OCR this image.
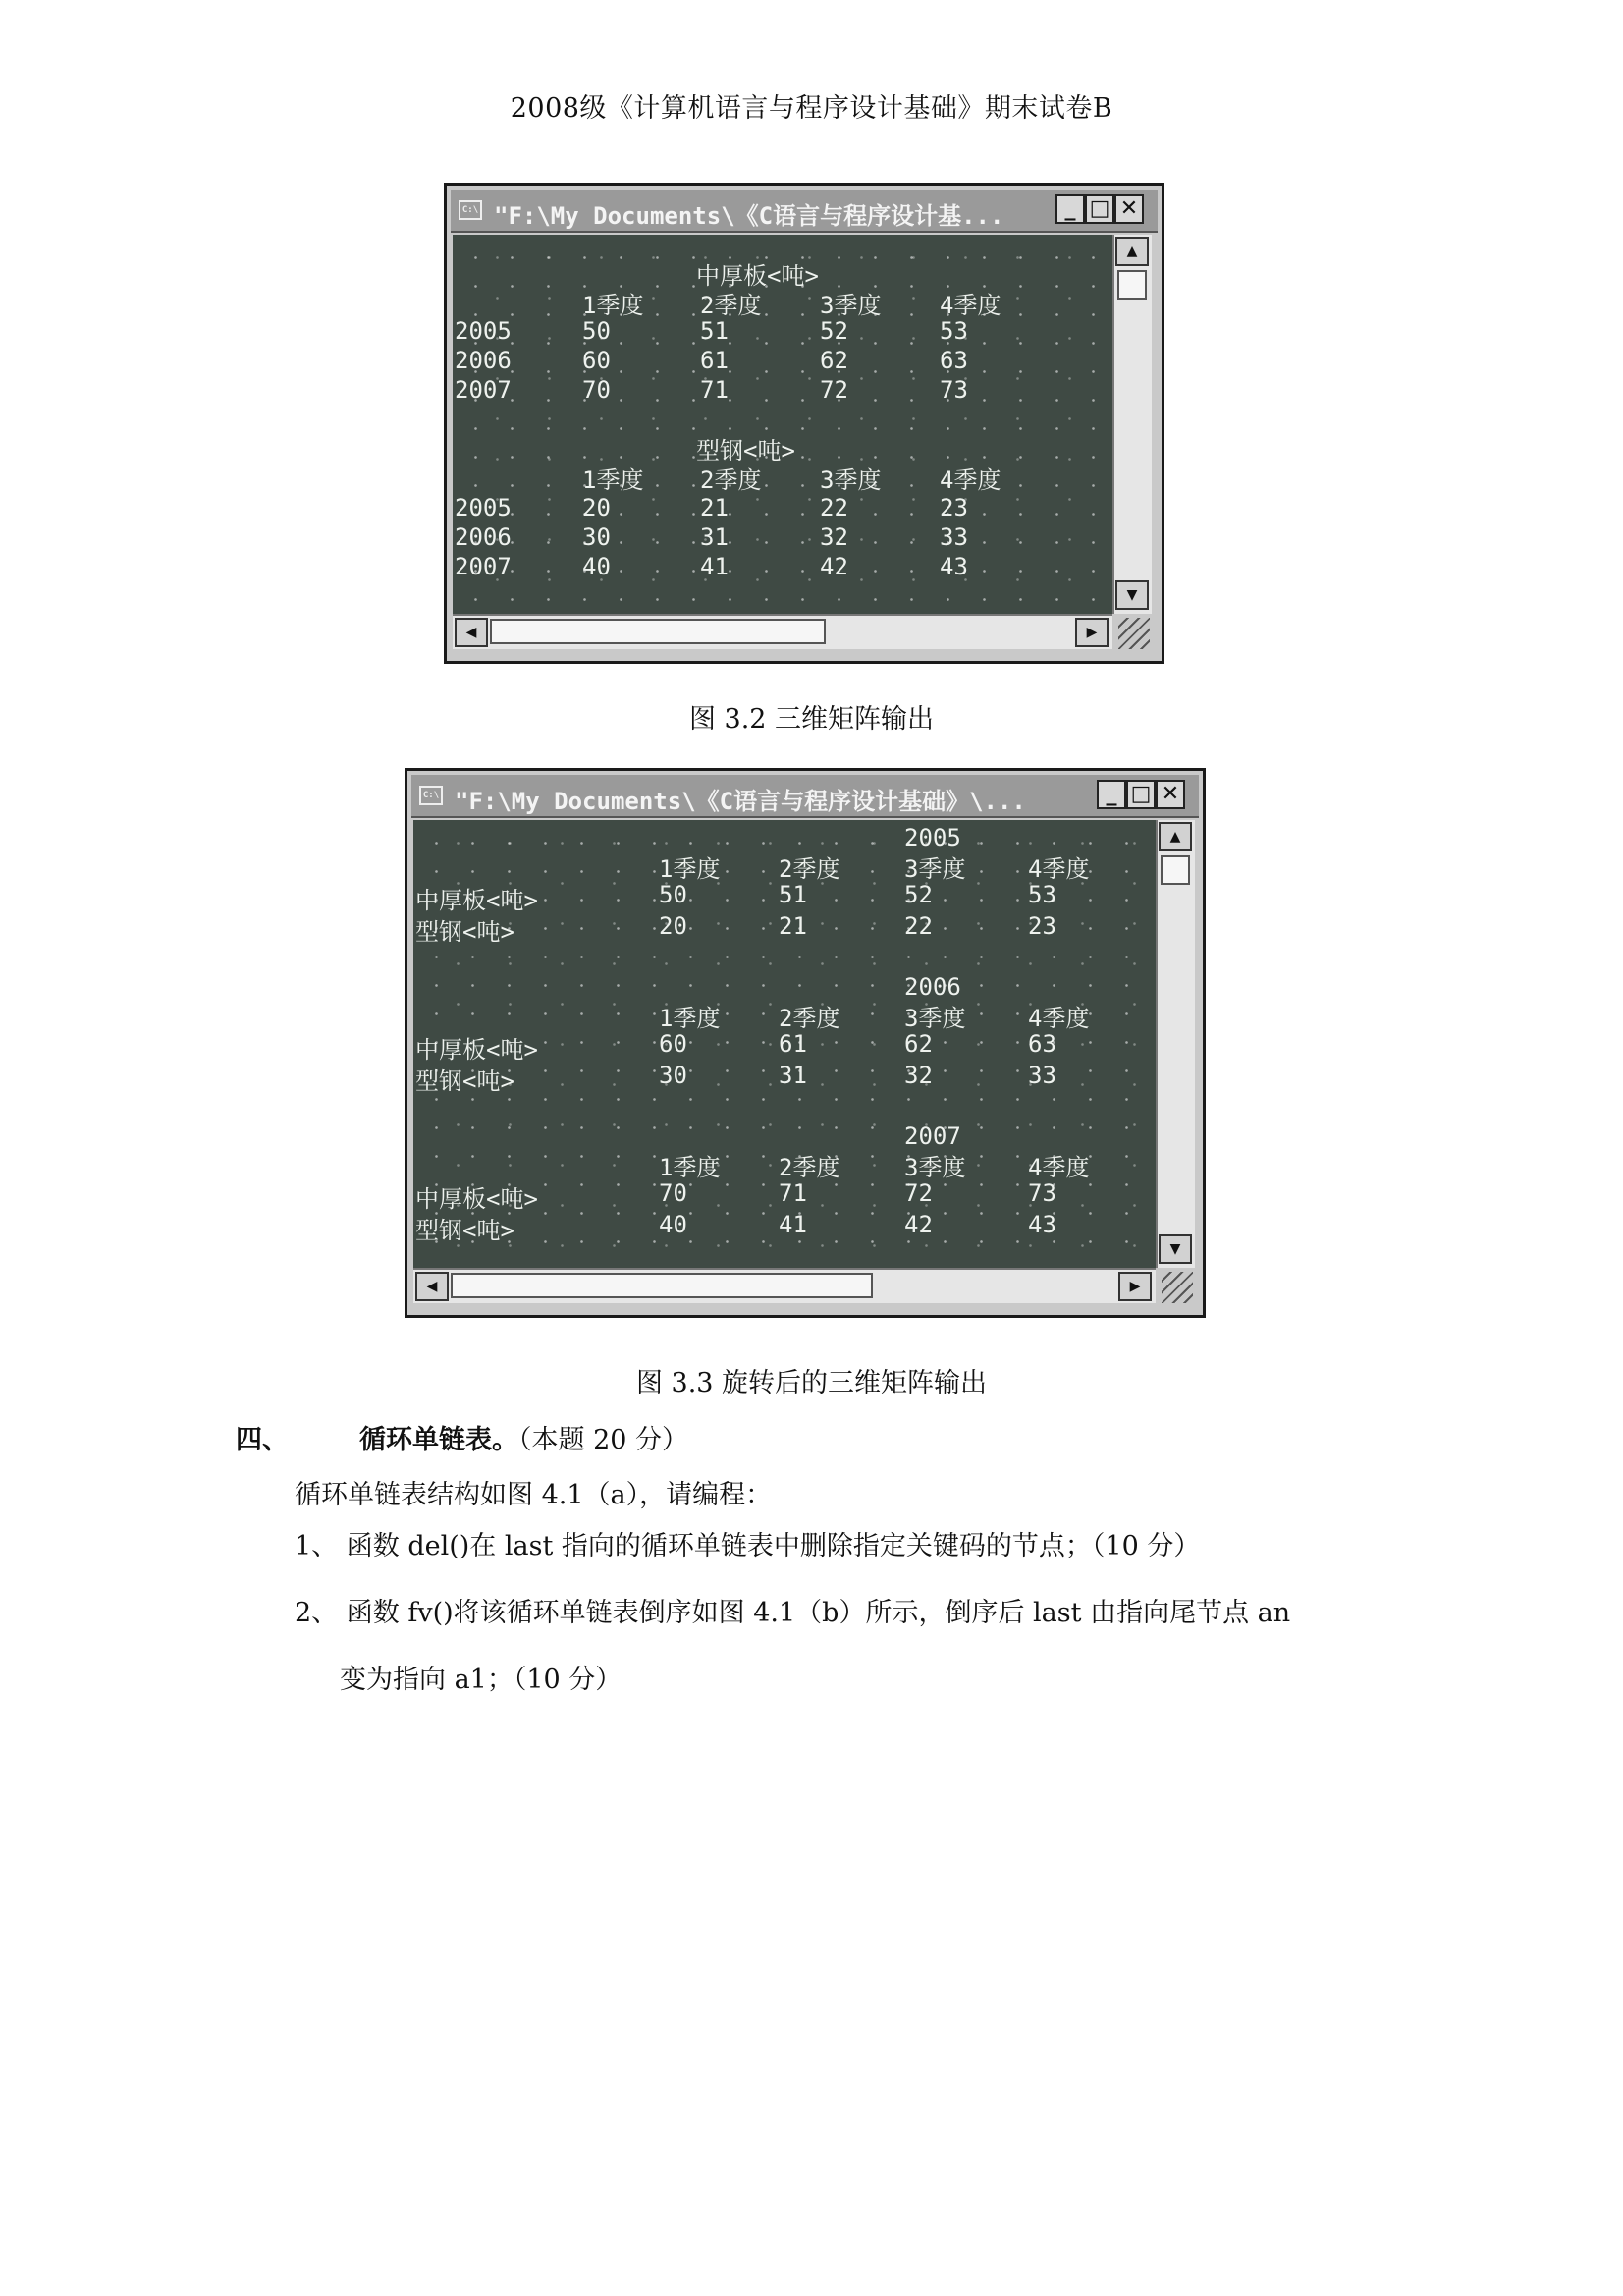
2008级《计算机语言与程序设计基础》期末试卷B
C:\ "F:\My Documents\《C语言与程序设计基...	_ □ ✕
中厚板<吨>
1季度 2季度 3季度 4季度
2005	50	51	52	53
2006	60	61	62	63
2007	70	71	72	73
型钢<吨>
1季度 2季度 3季度 4季度
2005	20	21	22	23
2006	30	31	32	33
2007	40	41	42	43
▲
▼
◀	▶
图 3.2 三维矩阵输出
C:\ "F:\My Documents\《C语言与程序设计基础》\...	_ □ ✕
2005
1季度 2季度	3季度	4季度
中厚板<吨>	50	51	52	53
型钢<吨>	20	21	22	23
2006
1季度 2季度	3季度	4季度
中厚板<吨>	60	61	62	63
型钢<吨>	30	31	32	33
2007
1季度 2季度	3季度	4季度
中厚板<吨>	70	71	72	73
型钢<吨>	40	41	42	43
▲
▼
◀	▶
图 3.3 旋转后的三维矩阵输出
四、	循环单链表。（本题 20 分）
循环单链表结构如图 4.1（a），请编程：
1、 函数 del()在 last 指向的循环单链表中删除指定关键码的节点；（10 分）
2、 函数 fv()将该循环单链表倒序如图 4.1（b）所示，倒序后 last 由指向尾节点 an
变为指向 a1；（10 分）
